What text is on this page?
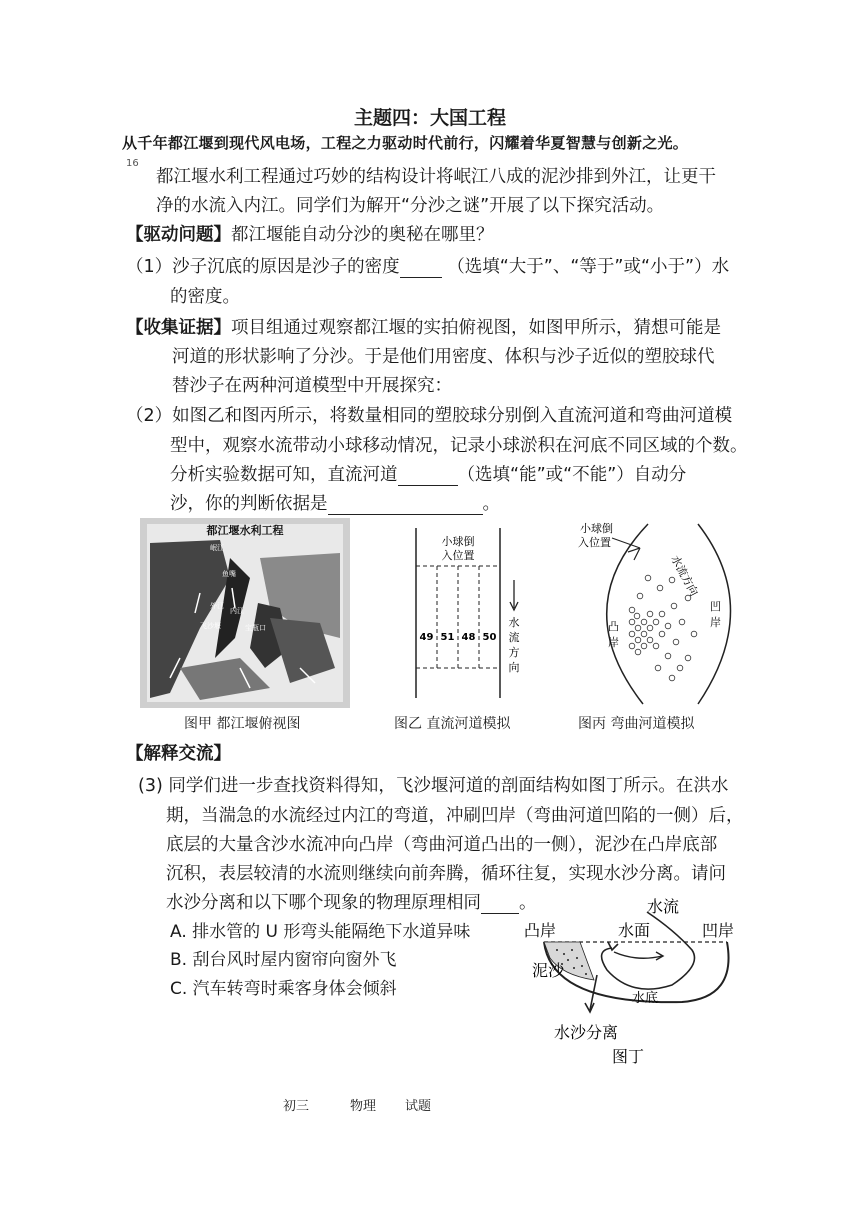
主题四：大国工程
从千年都江堰到现代风电场，工程之力驱动时代前行，闪耀着华夏智慧与创新之光。
16
都江堰水利工程通过巧妙的结构设计将岷江八成的泥沙排到外江，让更干
净的水流入内江。同学们为解开“分沙之谜”开展了以下探究活动。
【驱动问题】都江堰能自动分沙的奥秘在哪里？
（1）沙子沉底的原因是沙子的密度	（选填“大于”、“等于”或“小于”）水
的密度。
【收集证据】项目组通过观察都江堰的实拍俯视图，如图甲所示，猜想可能是
河道的形状影响了分沙。于是他们用密度、体积与沙子近似的塑胶球代
替沙子在两种河道模型中开展探究：
（2）如图乙和图丙所示，将数量相同的塑胶球分别倒入直流河道和弯曲河道模
型中，观察水流带动小球移动情况，记录小球淤积在河底不同区域的个数。
分析实验数据可知，直流河道	（选填“能”或“不能”）自动分
沙，你的判断依据是	。
都江堰水利工程
岷江
鱼嘴
外江
内江
飞沙堰	宝瓶口
图甲 都江堰俯视图
小球倒
入位置
49 51 48 50
水
流
方
向
图乙 直流河道模拟
小球倒
入位置
水流方向
凸
岸
凹
岸
图丙 弯曲河道模拟
【解释交流】
(3) 同学们进一步查找资料得知，飞沙堰河道的剖面结构如图丁所示。在洪水
期，当湍急的水流经过内江的弯道，冲刷凹岸（弯曲河道凹陷的一侧）后，
底层的大量含沙水流冲向凸岸（弯曲河道凸出的一侧），泥沙在凸岸底部
沉积，表层较清的水流则继续向前奔腾，循环往复，实现水沙分离。请问
水沙分离和以下哪个现象的物理原理相同 。
A. 排水管的 U 形弯头能隔绝下水道异味
B. 刮台风时屋内窗帘向窗外飞
C. 汽车转弯时乘客身体会倾斜
水流
凸岸	水面	凹岸
泥沙
水底
水沙分离
图丁
初三	物理 试题
